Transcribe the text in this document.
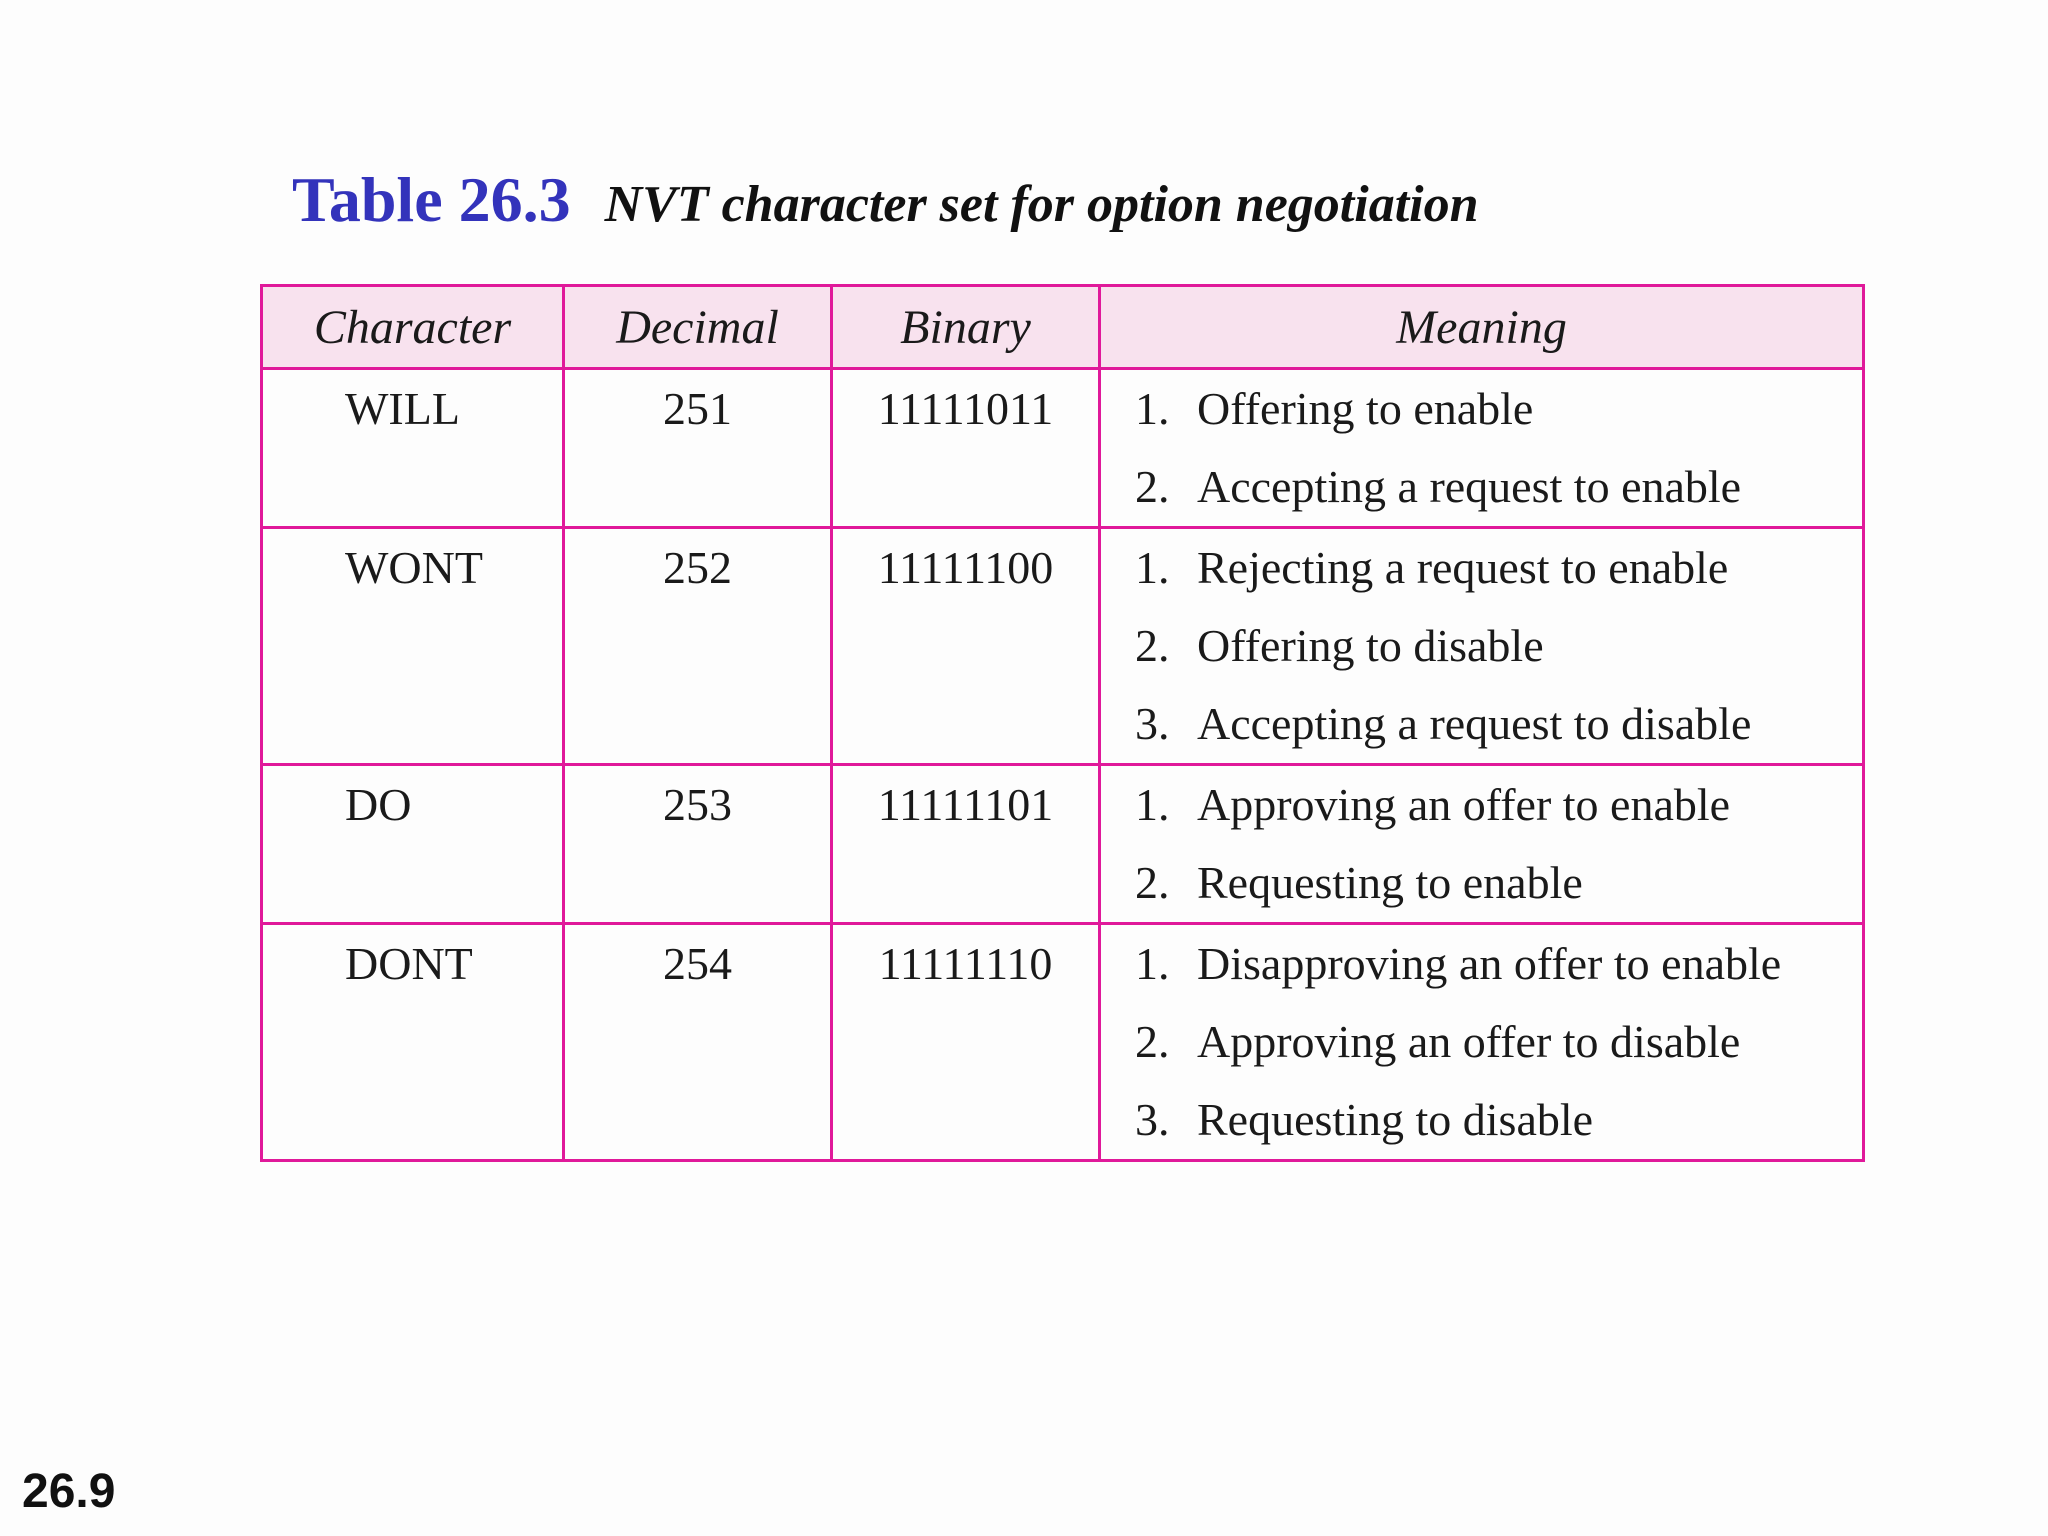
Table 26.3 NVT character set for option negotiation
Character	Decimal	Binary	Meaning
WILL	251	11111011	1. Offering to enable
2. Accepting a request to enable

WONT	252	11111100	1. Rejecting a request to enable
2. Offering to disable
3. Accepting a request to disable

DO	253	11111101	1. Approving an offer to enable
2. Requesting to enable

DONT	254	11111110	1. Disapproving an offer to enable
2. Approving an offer to disable
3. Requesting to disable
26.9
